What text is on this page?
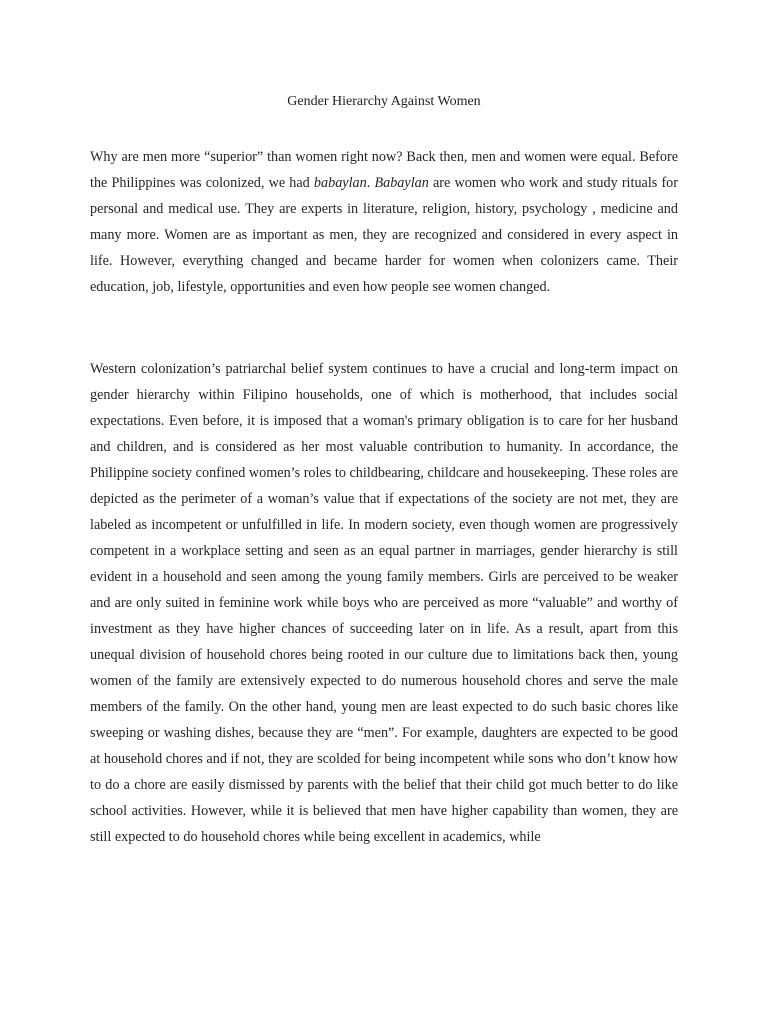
Gender Hierarchy Against Women

Why are men more “superior” than women right now? Back then, men and women were equal. Before the Philippines was colonized, we had babaylan. Babaylan are women who work and study rituals for personal and medical use. They are experts in literature, religion, history, psychology , medicine and many more. Women are as important as men, they are recognized and considered in every aspect in life. However, everything changed and became harder for women when colonizers came. Their education, job, lifestyle, opportunities and even how people see women changed.

Western colonization’s patriarchal belief system continues to have a crucial and long-term impact on gender hierarchy within Filipino households, one of which is motherhood, that includes social expectations. Even before, it is imposed that a woman's primary obligation is to care for her husband and children, and is considered as her most valuable contribution to humanity. In accordance, the Philippine society confined women’s roles to childbearing, childcare and housekeeping. These roles are depicted as the perimeter of a woman’s value that if expectations of the society are not met, they are labeled as incompetent or unfulfilled in life. In modern society, even though women are progressively competent in a workplace setting and seen as an equal partner in marriages, gender hierarchy is still evident in a household and seen among the young family members. Girls are perceived to be weaker and are only suited in feminine work while boys who are perceived as more “valuable” and worthy of investment as they have higher chances of succeeding later on in life. As a result, apart from this unequal division of household chores being rooted in our culture due to limitations back then, young women of the family are extensively expected to do numerous household chores and serve the male members of the family. On the other hand, young men are least expected to do such basic chores like sweeping or washing dishes, because they are “men”. For example, daughters are expected to be good at household chores and if not, they are scolded for being incompetent while sons who don’t know how to do a chore are easily dismissed by parents with the belief that their child got much better to do like school activities. However, while it is believed that men have higher capability than women, they are still expected to do household chores while being excellent in academics, while
